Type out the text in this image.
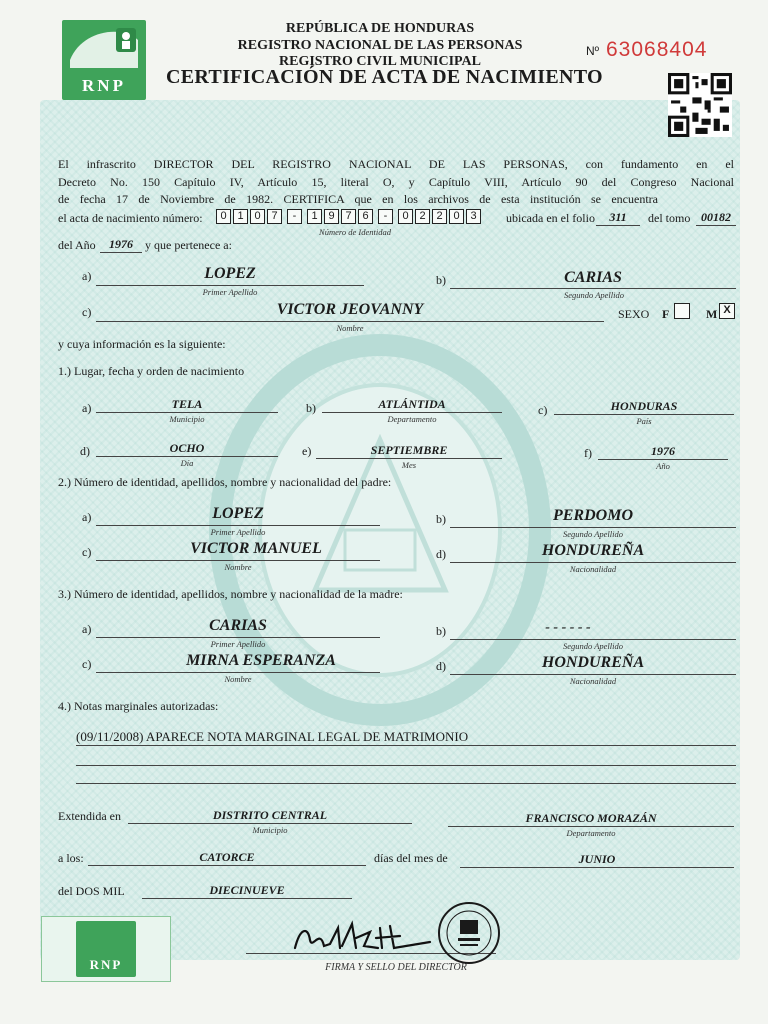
RNP
REPÚBLICA DE HONDURAS
REGISTRO NACIONAL DE LAS PERSONAS
REGISTRO CIVIL MUNICIPAL
CERTIFICACIÓN DE ACTA DE NACIMIENTO
Nº 63068404
El infrascrito DIRECTOR DEL REGISTRO NACIONAL DE LAS PERSONAS, con fundamento en el
Decreto No. 150 Capítulo IV, Artículo 15, literal O, y Capítulo VIII, Artículo 90 del Congreso Nacional
de fecha 17 de Noviembre de 1982. CERTIFICA que en los archivos de esta institución se encuentra
el acta de nacimiento número:	0 1 0 7	-	1 9 7 6	-	0 2 2 0 3
Número de Identidad
ubicada en el folio	311	del tomo 00182
del Año	1976	y que pertenece a:
a)	LOPEZ
Primer Apellido
b)	CARIAS
Segundo Apellido
c)	VICTOR JEOVANNY
Nombre
SEXO F	M X
y cuya información es la siguiente:
1.) Lugar, fecha y orden de nacimiento
a)	TELA
Municipio
b)	ATLÁNTIDA
Departamento
c)	HONDURAS
País
d)	OCHO
Día
e)	SEPTIEMBRE
Mes
f)	1976
Año
2.) Número de identidad, apellidos, nombre y nacionalidad del padre:
a)	LOPEZ
Primer Apellido
b)	PERDOMO
Segundo Apellido
c)	VICTOR MANUEL
Nombre
d)	HONDUREÑA
Nacionalidad
3.) Número de identidad, apellidos, nombre y nacionalidad de la madre:
a)	CARIAS
Primer Apellido
b)	- - - - - -
Segundo Apellido
c)	MIRNA ESPERANZA
Nombre
d)	HONDUREÑA
Nacionalidad
4.) Notas marginales autorizadas:
(09/11/2008) APARECE NOTA MARGINAL LEGAL DE MATRIMONIO
Extendida en	DISTRITO CENTRAL
Municipio
FRANCISCO MORAZÁN
Departamento
a los:	CATORCE	días del mes de	JUNIO
del DOS MIL	DIECINUEVE
RNP	FIRMA Y SELLO DEL DIRECTOR
